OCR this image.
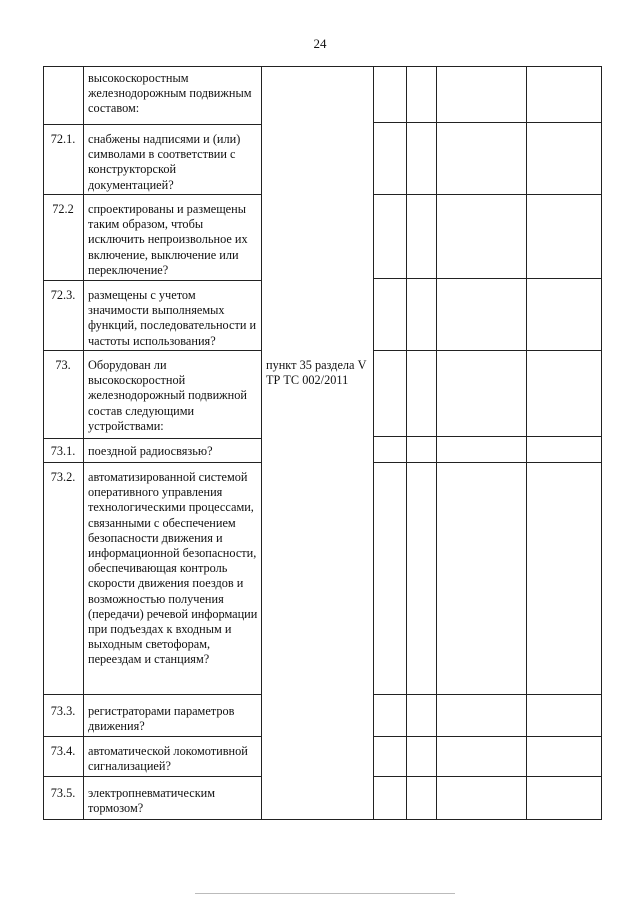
24
высокоскоростным железнодорожным подвижным составом:
72.1.	снабжены надписями и (или) символами в соответствии с конструкторской документацией?
72.2	спроектированы и размещены таким образом, чтобы исключить непроизвольное их включение, выключение или переключение?
72.3.	размещены с учетом значимости выполняемых функций, последовательности и частоты использования?
73.	Оборудован ли высокоскоростной железнодорожный подвижной состав следующими устройствами:
пункт 35 раздела V ТР ТС 002/2011
73.1.	поездной радиосвязью?
73.2.	автоматизированной системой оперативного управления технологическими процессами, связанными с обеспечением безопасности движения и информационной безопасности, обеспечивающая контроль скорости движения поездов и возможностью получения (передачи) речевой информации при подъездах к входным и выходным светофорам, переездам и станциям?
73.3.	регистраторами параметров движения?
73.4.	автоматической локомотивной сигнализацией?
73.5.	электропневматическим тормозом?
